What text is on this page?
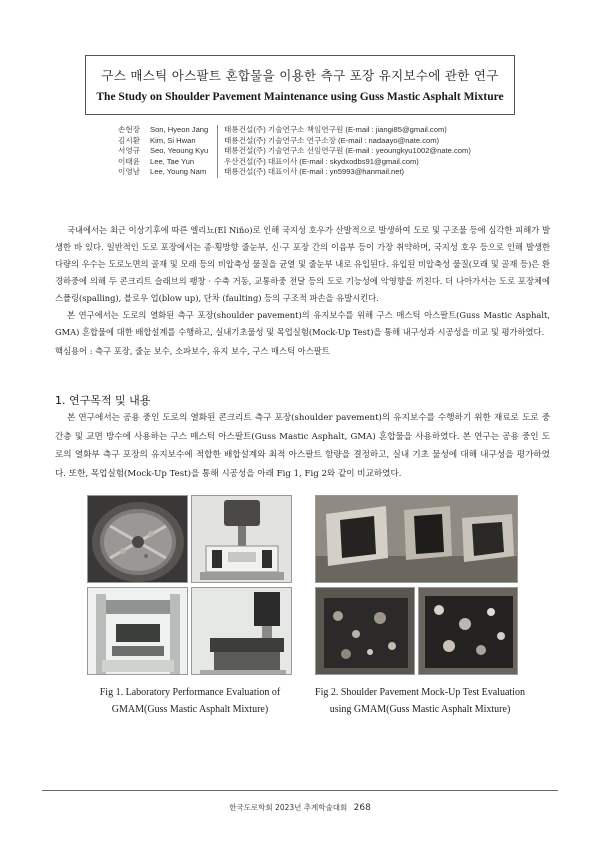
구스 매스틱 아스팔트 혼합물을 이용한 측구 포장 유지보수에 관한 연구
The Study on Shoulder Pavement Maintenance using Guss Mastic Asphalt Mixture
손현장	Son, Hyeon Jang	태룡건설(주) 기술연구소 책임연구원 (E-mail : jiangi85@gmail.com)
김시환	Kim, Si Hwan	태룡건설(주) 기술연구소 연구소장 (E-mail : nadaayo@nate.com)
서영규	Seo, Yeoung Kyu	태룡건설(주) 기술연구소 선임연구원 (E-mail : yeoungkyu1002@nate.com)
이태윤	Lee, Tae Yun	우산건설(주) 대표이사 (E-mail : skydxodbs91@gmail.com)
이영남	Lee, Young Nam	태룡건설(주) 대표이사 (E-mail : yn5993@hanmail.net)

국내에서는 최근 이상기후에 따른 엘리뇨(El Niño)로 인해 국지성 호우가 산발적으로 발생하여 도로 및 구조물 등에 심각한 피해가 발생한 바 있다. 일반적인 도로 포장에서는 종·횡방향 줄눈부, 신·구 포장 간의 이음부 등이 가장 취약하며, 국지성 호우 등으로 인해 발생한 다량의 우수는 도로노면의 골재 및 모래 등의 비압축성 물질을 균열 및 줄눈부 내로 유입된다. 유입된 비압축성 물질(모래 및 골재 등)은 환경하중에 의해 두 콘크리트 슬래브의 팽창 · 수축 거동, 교통하중 전달 등의 도로 기능성에 악영향을 끼친다. 더 나아가서는 도로 포장체에 스폴링(spalling), 블로우 업(blow up), 단차 (faulting) 등의 구조적 파손을 유발시킨다.

본 연구에서는 도로의 열화된 측구 포장(shoulder pavement)의 유지보수를 위해 구스 매스틱 아스팔트(Guss Mastic Asphalt, GMA) 혼합물에 대한 배합설계를 수행하고, 실내기초물성 및 목업실험(Mock-Up Test)을 통해 내구성과 시공성을 비교 및 평가하였다.

핵심용어 : 측구 포장, 줄눈 보수, 소파보수, 유지 보수, 구스 매스틱 아스팔트
1. 연구목적 및 내용

본 연구에서는 공용 중인 도로의 열화된 콘크리트 측구 포장(shoulder pavement)의 유지보수를 수행하기 위한 재료로 도로 중간층 및 교면 방수에 사용하는 구스 매스틱 아스팔트(Guss Mastic Asphalt, GMA) 혼합물을 사용하였다. 본 연구는 공용 중인 도로의 열화부 측구 포장의 유지보수에 적합한 배합설계와 최적 아스팔트 함량을 결정하고, 실내 기초 물성에 대해 내구성을 평가하였다. 또한, 목업실험(Mock-Up Test)을 통해 시공성을 아래 Fig 1, Fig 2와 같이 비교하였다.

Fig 1. Laboratory Performance Evaluation of
GMAM(Guss Mastic Asphalt Mixture)
Fig 2. Shoulder Pavement Mock-Up Test Evaluation
using GMAM(Guss Mastic Asphalt Mixture)
한국도로학회 2023년 추계학술대회 268
